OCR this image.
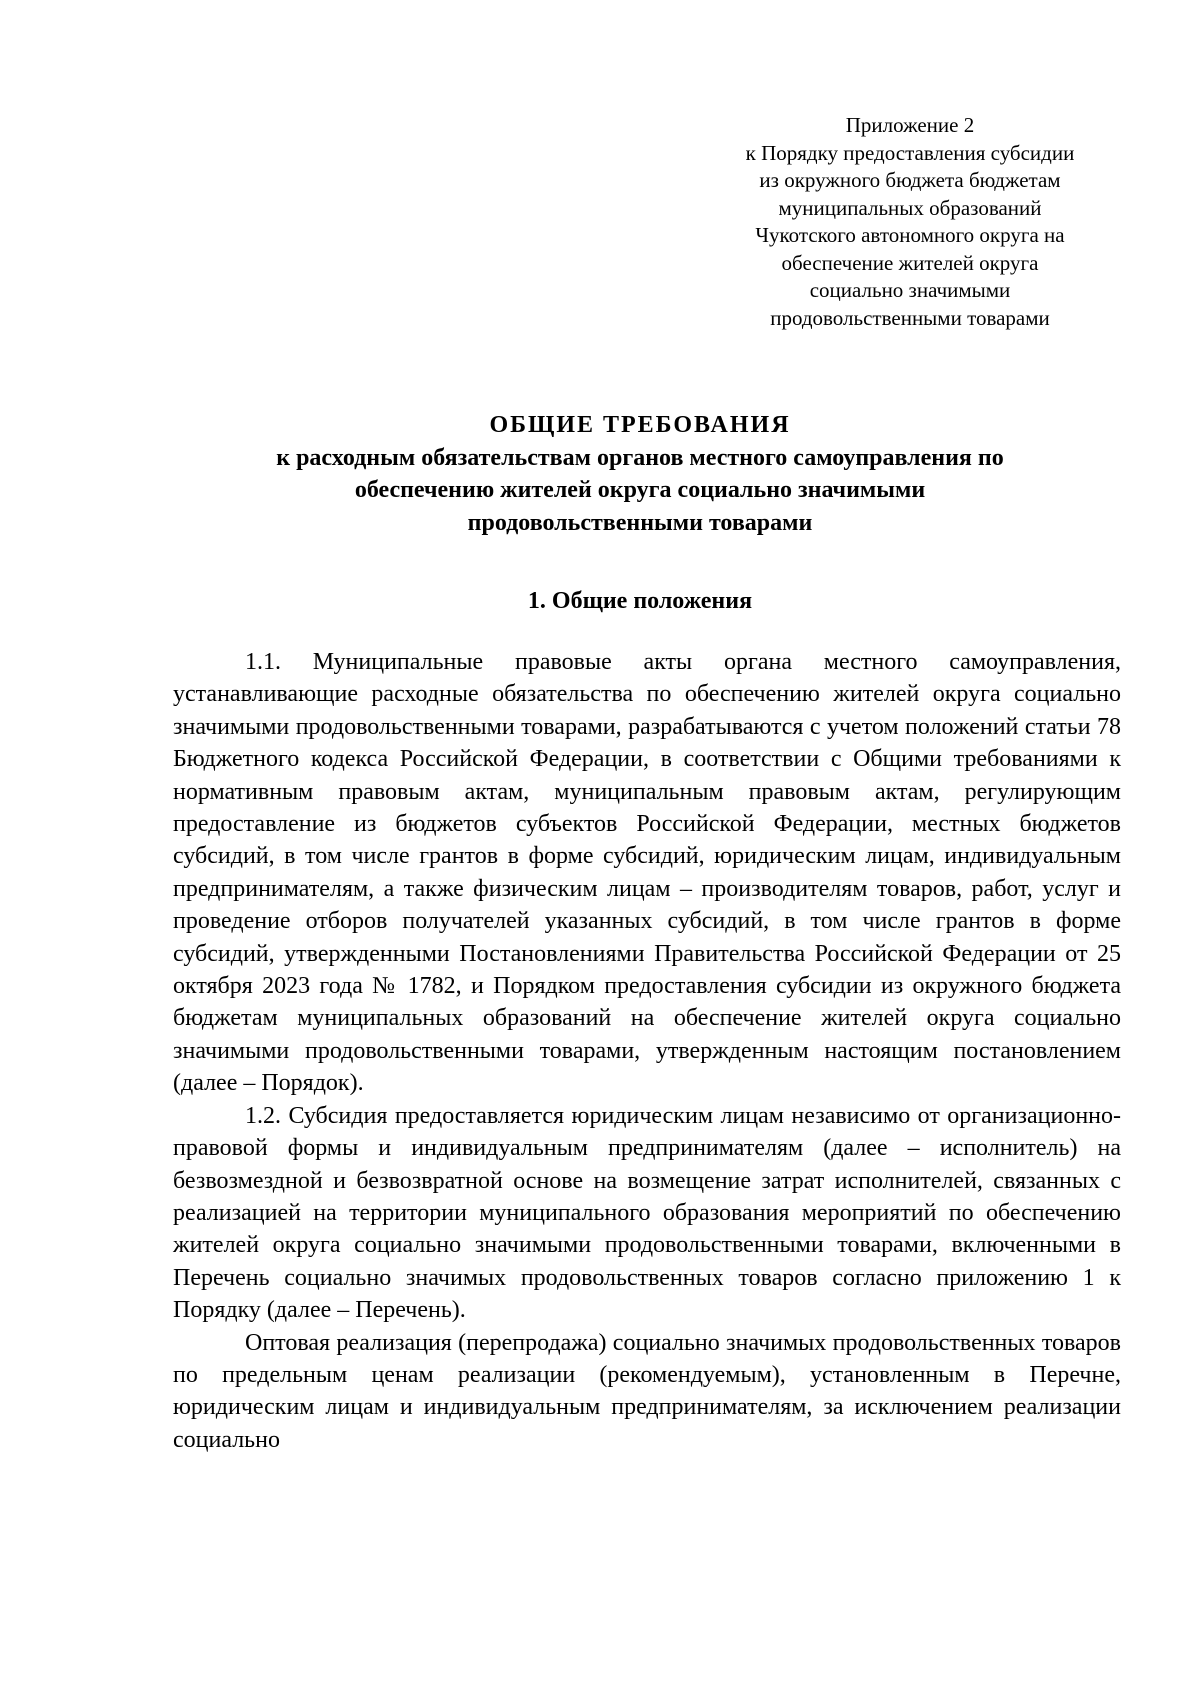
Приложение 2
к Порядку предоставления субсидии
из окружного бюджета бюджетам
муниципальных образований
Чукотского автономного округа на
обеспечение жителей округа
социально значимыми
продовольственными товарами
ОБЩИЕ ТРЕБОВАНИЯ
к расходным обязательствам органов местного самоуправления по
обеспечению жителей округа социально значимыми
продовольственными товарами
1. Общие положения

1.1. Муниципальные правовые акты органа местного самоуправления, устанавливающие расходные обязательства по обеспечению жителей округа социально значимыми продовольственными товарами, разрабатываются с учетом положений статьи 78 Бюджетного кодекса Российской Федерации, в соответствии с Общими требованиями к нормативным правовым актам, муниципальным правовым актам, регулирующим предоставление из бюджетов субъектов Российской Федерации, местных бюджетов субсидий, в том числе грантов в форме субсидий, юридическим лицам, индивидуальным предпринимателям, а также физическим лицам – производителям товаров, работ, услуг и проведение отборов получателей указанных субсидий, в том числе грантов в форме субсидий, утвержденными Постановлениями Правительства Российской Федерации от 25 октября 2023 года № 1782, и Порядком предоставления субсидии из окружного бюджета бюджетам муниципальных образований на обеспечение жителей округа социально значимыми продовольственными товарами, утвержденным настоящим постановлением (далее – Порядок).

1.2. Субсидия предоставляется юридическим лицам независимо от организационно-правовой формы и индивидуальным предпринимателям (далее – исполнитель) на безвозмездной и безвозвратной основе на возмещение затрат исполнителей, связанных с реализацией на территории муниципального образования мероприятий по обеспечению жителей округа социально значимыми продовольственными товарами, включенными в Перечень социально значимых продовольственных товаров согласно приложению 1 к Порядку (далее – Перечень).

Оптовая реализация (перепродажа) социально значимых продовольственных товаров по предельным ценам реализации (рекомендуемым), установленным в Перечне, юридическим лицам и индивидуальным предпринимателям, за исключением реализации социально
